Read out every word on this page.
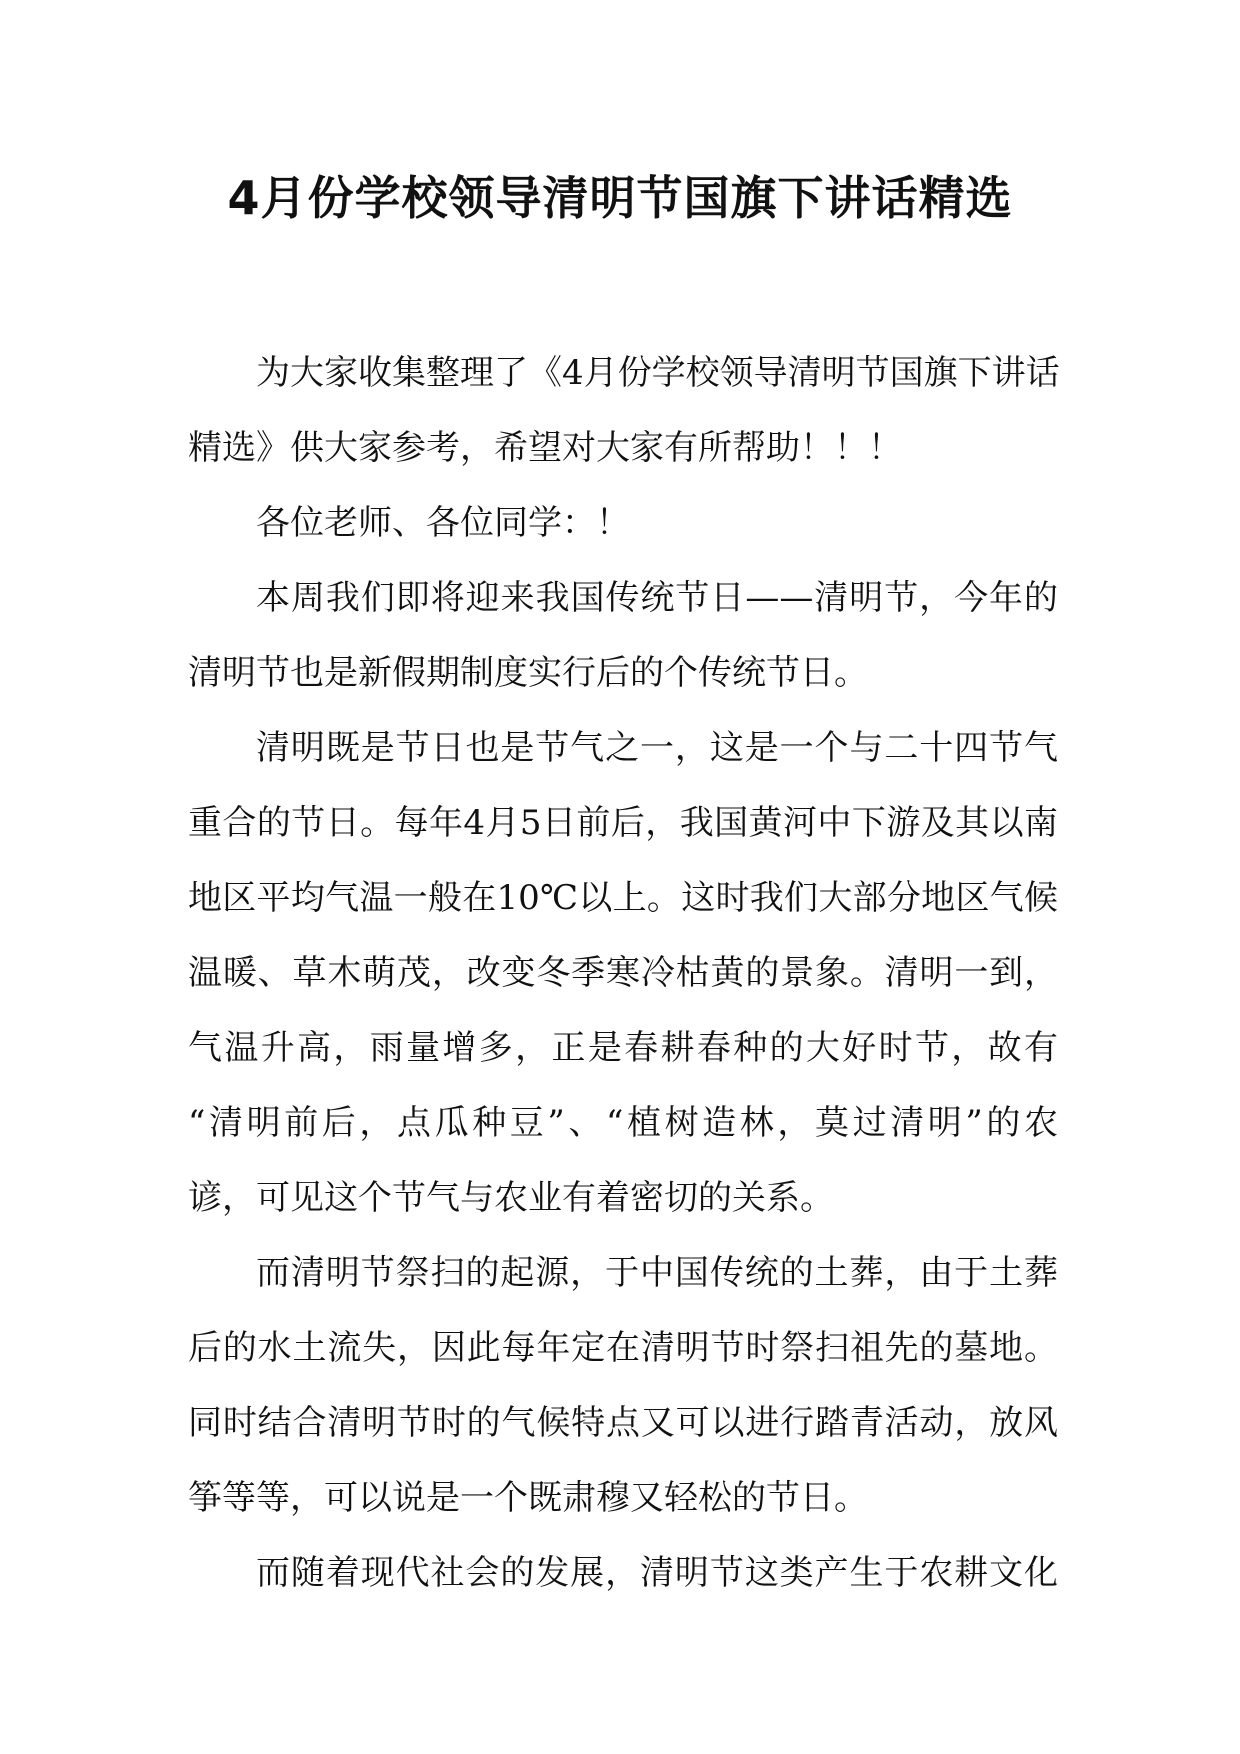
4月份学校领导清明节国旗下讲话精选
为大家收集整理了《4月份学校领导清明节国旗下讲话
精选》供大家参考，希望对大家有所帮助！！！
各位老师、各位同学：！
本周我们即将迎来我国传统节日——清明节，今年的
清明节也是新假期制度实行后的个传统节日。
清明既是节日也是节气之一，这是一个与二十四节气
重合的节日。每年4月5日前后，我国黄河中下游及其以南
地区平均气温一般在10℃以上。这时我们大部分地区气候
温暖、草木萌茂，改变冬季寒冷枯黄的景象。清明一到，
气温升高，雨量增多，正是春耕春种的大好时节，故有
“清明前后，点瓜种豆”、“植树造林，莫过清明”的农
谚，可见这个节气与农业有着密切的关系。
而清明节祭扫的起源，于中国传统的土葬，由于土葬
后的水土流失，因此每年定在清明节时祭扫祖先的墓地。
同时结合清明节时的气候特点又可以进行踏青活动，放风
筝等等，可以说是一个既肃穆又轻松的节日。
而随着现代社会的发展，清明节这类产生于农耕文化
